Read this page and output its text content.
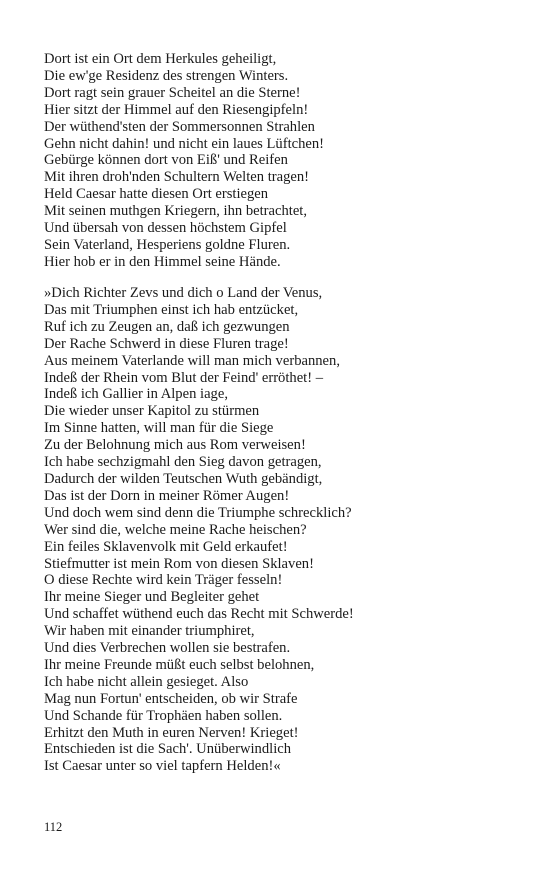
Dort ist ein Ort dem Herkules geheiligt,
Die ew'ge Residenz des strengen Winters.
Dort ragt sein grauer Scheitel an die Sterne!
Hier sitzt der Himmel auf den Riesengipfeln!
Der wüthend'sten der Sommersonnen Strahlen
Gehn nicht dahin! und nicht ein laues Lüftchen!
Gebürge können dort von Eiß' und Reifen
Mit ihren droh'nden Schultern Welten tragen!
Held Caesar hatte diesen Ort erstiegen
Mit seinen muthgen Kriegern, ihn betrachtet,
Und übersah von dessen höchstem Gipfel
Sein Vaterland, Hesperiens goldne Fluren.
Hier hob er in den Himmel seine Hände.
»Dich Richter Zevs und dich o Land der Venus,
Das mit Triumphen einst ich hab entzücket,
Ruf ich zu Zeugen an, daß ich gezwungen
Der Rache Schwerd in diese Fluren trage!
Aus meinem Vaterlande will man mich verbannen,
Indeß der Rhein vom Blut der Feind' erröthet! –
Indeß ich Gallier in Alpen iage,
Die wieder unser Kapitol zu stürmen
Im Sinne hatten, will man für die Siege
Zu der Belohnung mich aus Rom verweisen!
Ich habe sechzigmahl den Sieg davon getragen,
Dadurch der wilden Teutschen Wuth gebändigt,
Das ist der Dorn in meiner Römer Augen!
Und doch wem sind denn die Triumphe schrecklich?
Wer sind die, welche meine Rache heischen?
Ein feiles Sklavenvolk mit Geld erkaufet!
Stiefmutter ist mein Rom von diesen Sklaven!
O diese Rechte wird kein Träger fesseln!
Ihr meine Sieger und Begleiter gehet
Und schaffet wüthend euch das Recht mit Schwerde!
Wir haben mit einander triumphiret,
Und dies Verbrechen wollen sie bestrafen.
Ihr meine Freunde müßt euch selbst belohnen,
Ich habe nicht allein gesieget. Also
Mag nun Fortun' entscheiden, ob wir Strafe
Und Schande für Trophäen haben sollen.
Erhitzt den Muth in euren Nerven! Krieget!
Entschieden ist die Sach'. Unüberwindlich
Ist Caesar unter so viel tapfern Helden!«
112
